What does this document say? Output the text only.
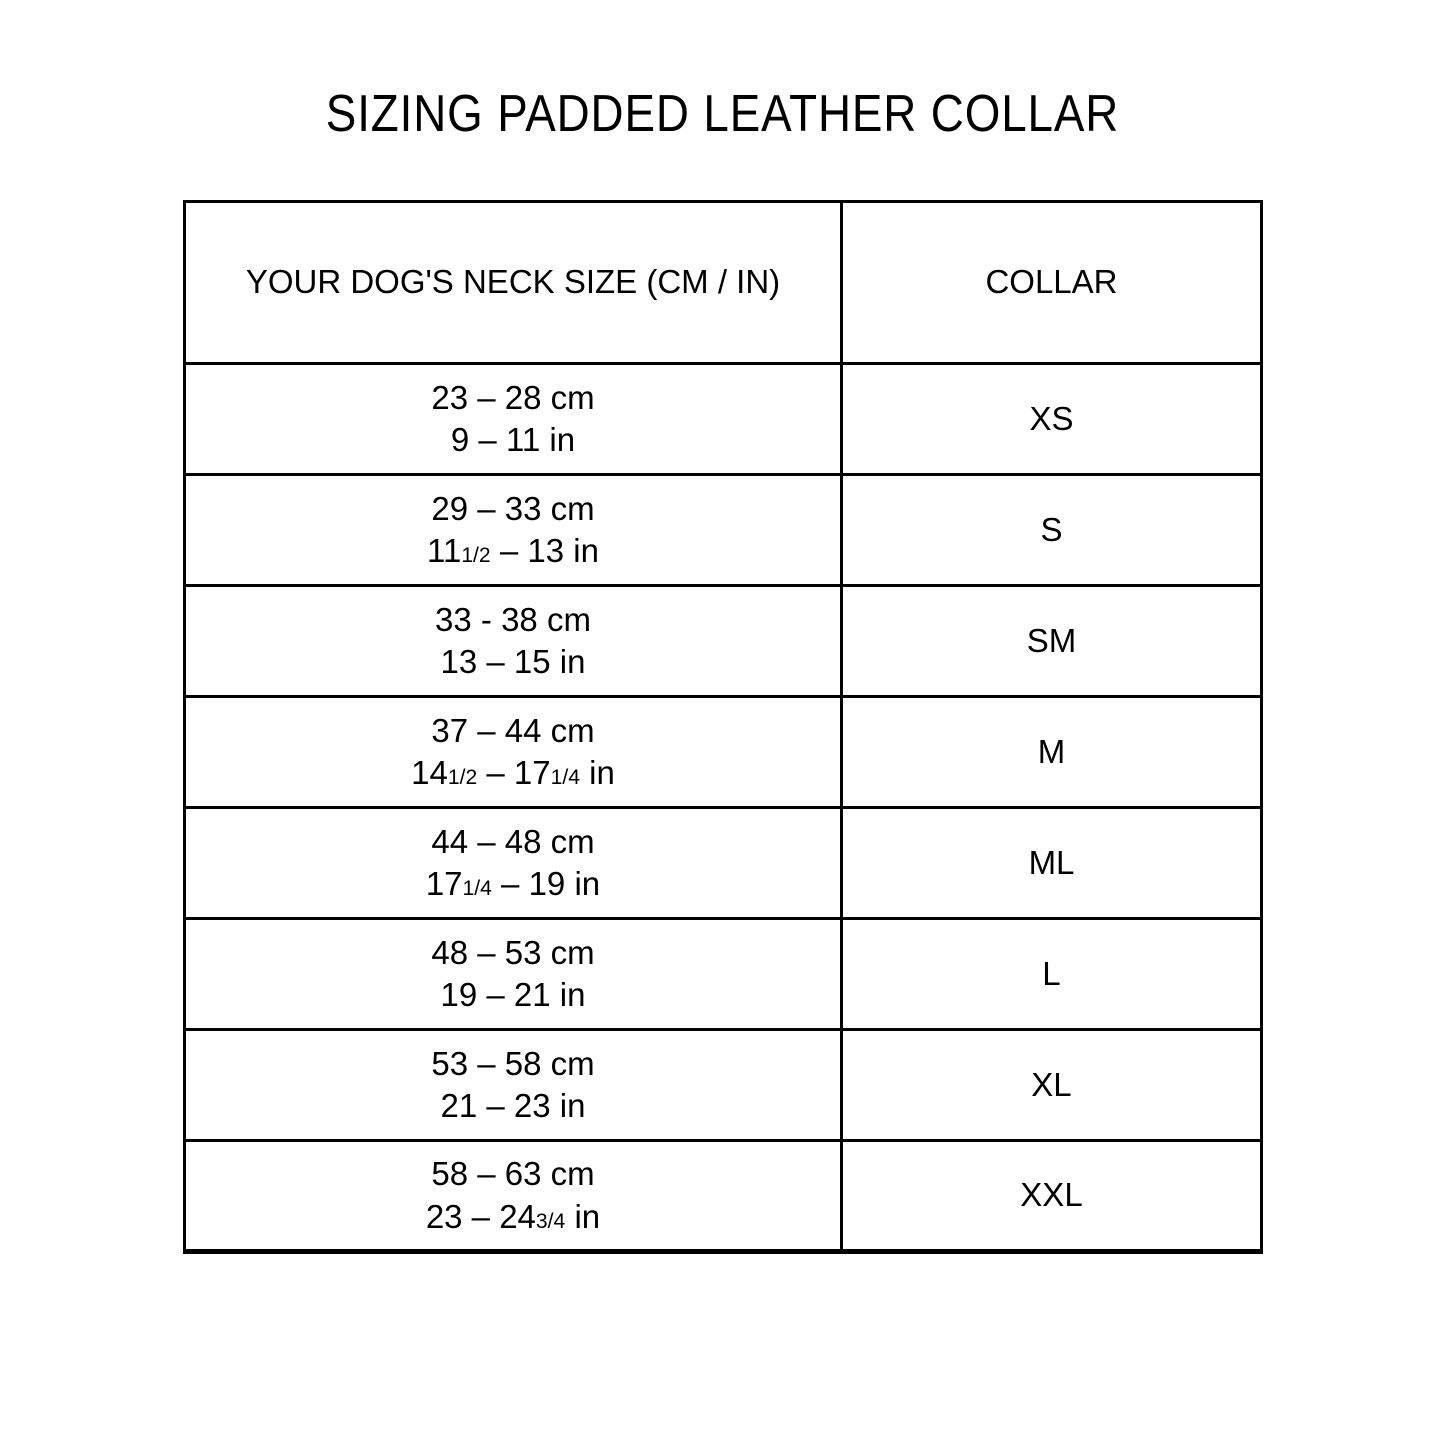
SIZING PADDED LEATHER COLLAR
YOUR DOG'S NECK SIZE (CM / IN)	COLLAR
23 – 28 cm
9 – 11 in	XS
29 – 33 cm
111/2 – 13 in	S
33 - 38 cm
13 – 15 in	SM
37 – 44 cm
141/2 – 171/4 in	M
44 – 48 cm
171/4 – 19 in	ML
48 – 53 cm
19 – 21 in	L
53 – 58 cm
21 – 23 in	XL
58 – 63 cm
23 – 243/4 in	XXL
